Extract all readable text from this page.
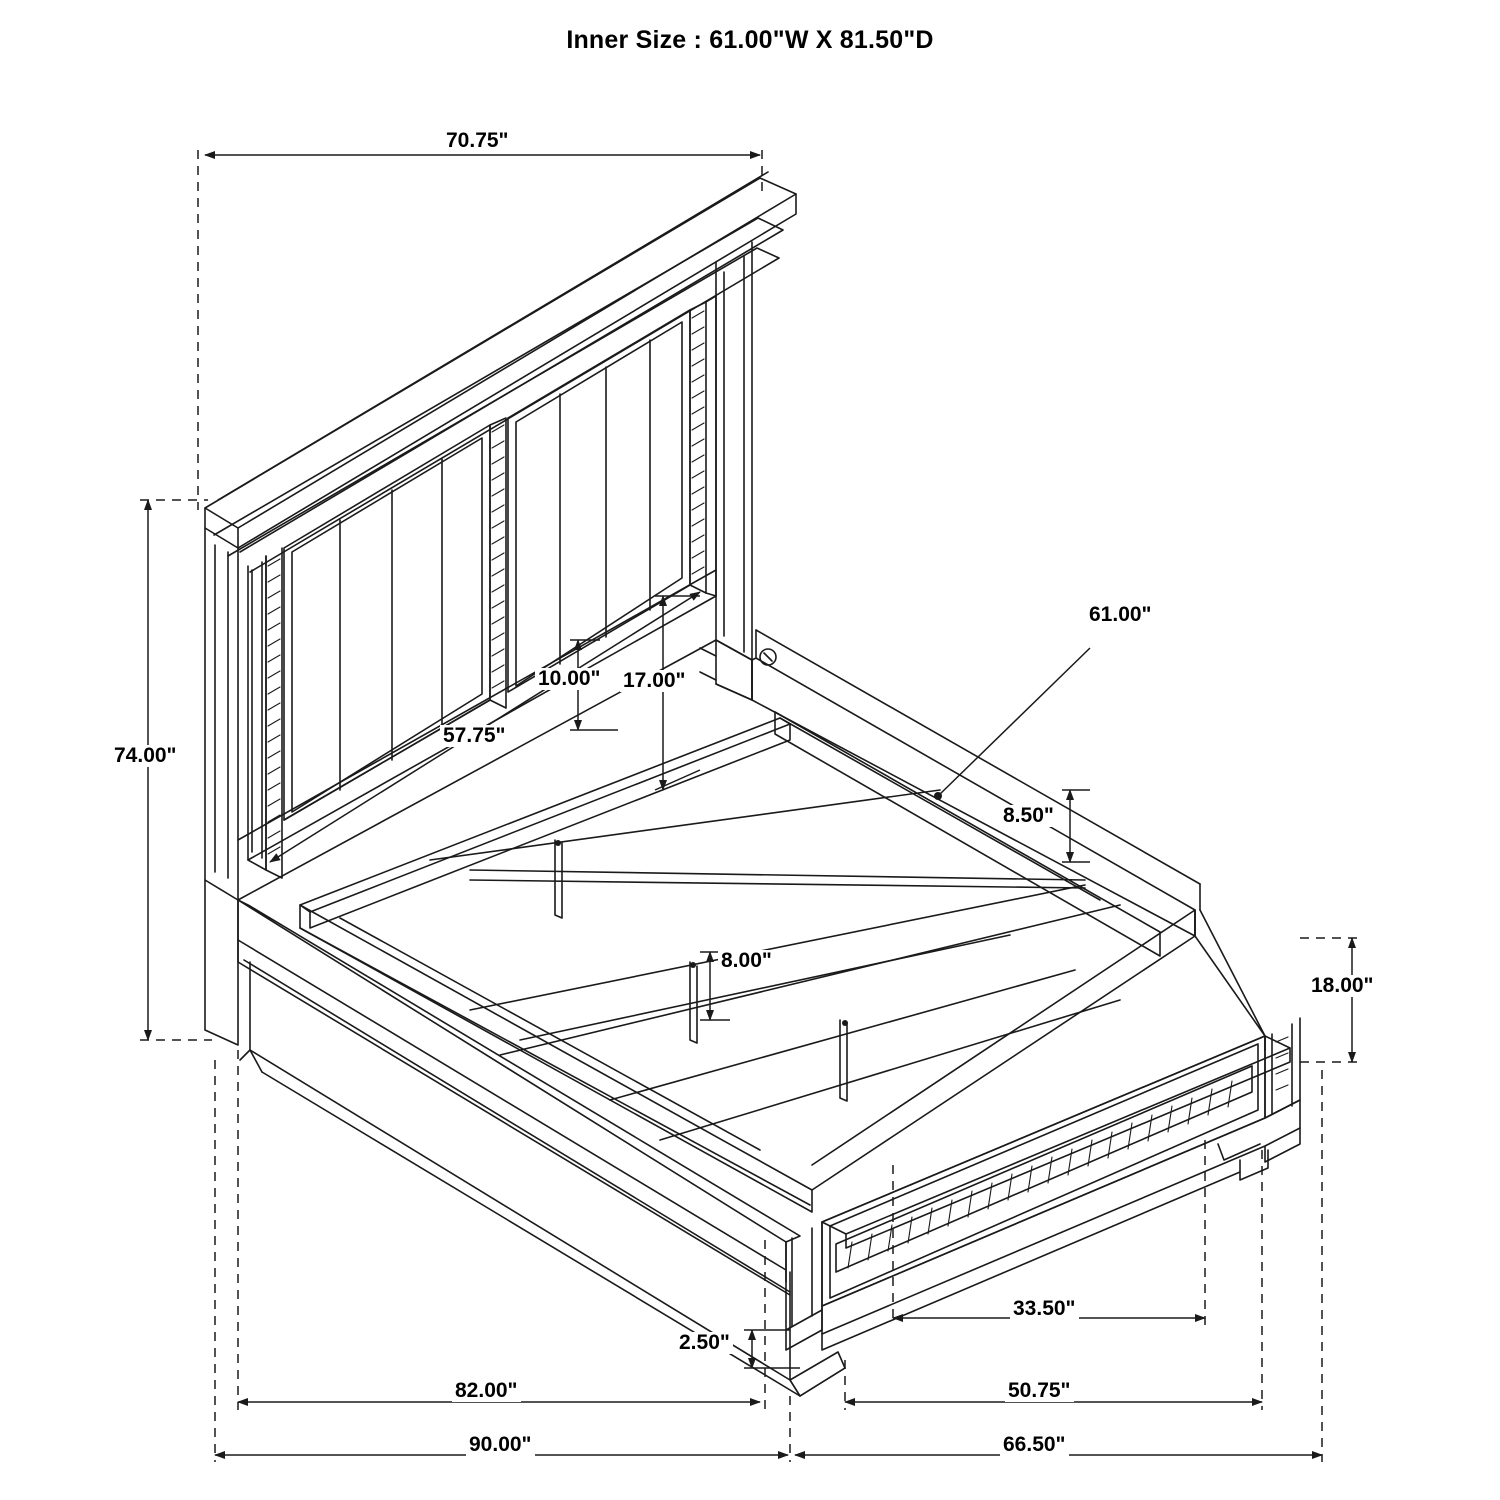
Inner Size : 61.00"W X 81.50"D
70.75"
74.00"
57.75"
10.00" 17.00"
61.00"
8.50"
8.00"
18.00"
2.50"
33.50"
82.00"	50.75"
90.00"	66.50"
